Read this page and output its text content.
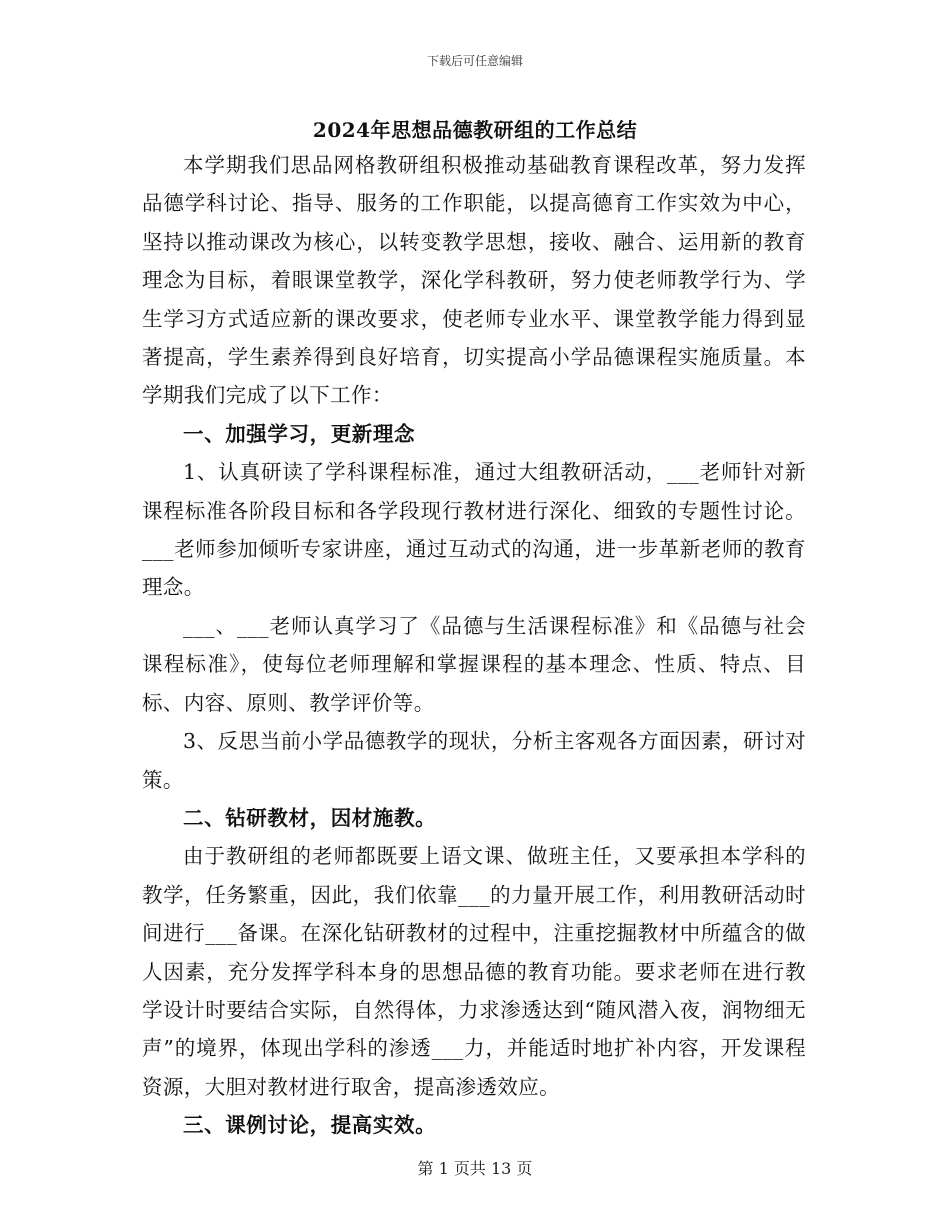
下载后可任意编辑
2024年思想品德教研组的工作总结

本学期我们思品网格教研组积极推动基础教育课程改革，努力发挥品德学科讨论、指导、服务的工作职能，以提高德育工作实效为中心，坚持以推动课改为核心，以转变教学思想，接收、融合、运用新的教育理念为目标，着眼课堂教学，深化学科教研，努力使老师教学行为、学生学习方式适应新的课改要求，使老师专业水平、课堂教学能力得到显著提高，学生素养得到良好培育，切实提高小学品德课程实施质量。本学期我们完成了以下工作：

一、加强学习，更新理念

1、认真研读了学科课程标准，通过大组教研活动，___老师针对新课程标准各阶段目标和各学段现行教材进行深化、细致的专题性讨论。___老师参加倾听专家讲座，通过互动式的沟通，进一步革新老师的教育理念。

___、___老师认真学习了《品德与生活课程标准》和《品德与社会课程标准》，使每位老师理解和掌握课程的基本理念、性质、特点、目标、内容、原则、教学评价等。

3、反思当前小学品德教学的现状，分析主客观各方面因素，研讨对策。

二、钻研教材，因材施教。

由于教研组的老师都既要上语文课、做班主任，又要承担本学科的教学，任务繁重，因此，我们依靠___的力量开展工作，利用教研活动时间进行___备课。在深化钻研教材的过程中，注重挖掘教材中所蕴含的做人因素，充分发挥学科本身的思想品德的教育功能。要求老师在进行教学设计时要结合实际，自然得体，力求渗透达到“随风潜入夜，润物细无声”的境界，体现出学科的渗透___力，并能适时地扩补内容，开发课程资源，大胆对教材进行取舍，提高渗透效应。

三、课例讨论，提高实效。

第 1 页共 13 页
